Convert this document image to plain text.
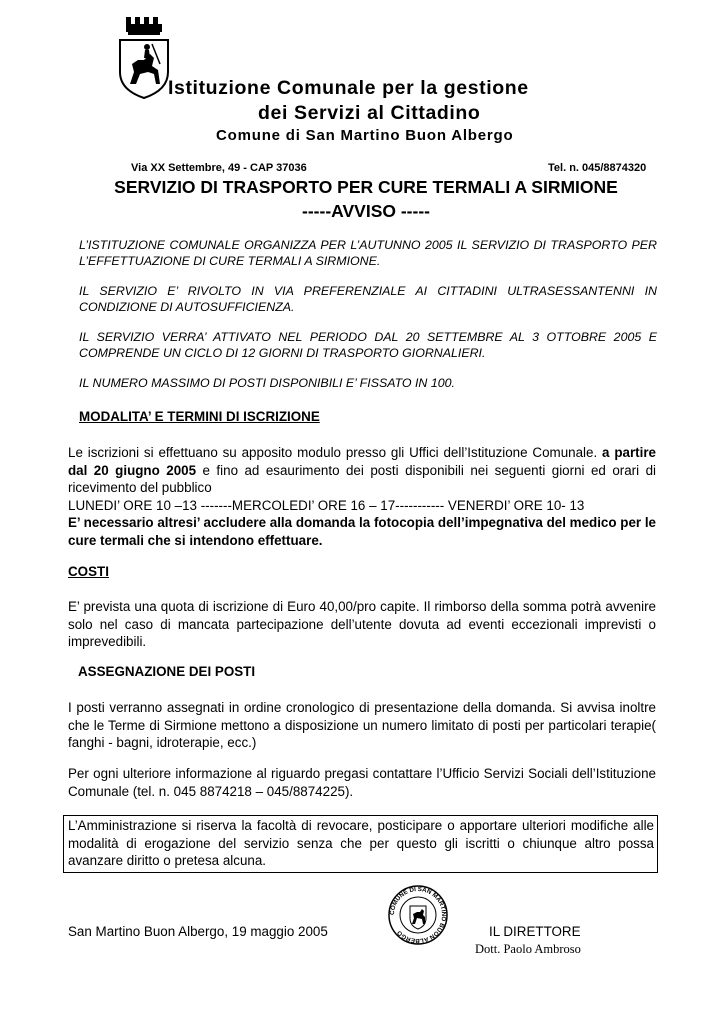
Istituzione Comunale per la gestione
dei Servizi al Cittadino
Comune di San Martino Buon Albergo
Via XX Settembre, 49 - CAP 37036	Tel. n. 045/8874320
SERVIZIO DI TRASPORTO PER CURE TERMALI A SIRMIONE
-----AVVISO -----

L’ISTITUZIONE COMUNALE ORGANIZZA PER L’AUTUNNO 2005 IL SERVIZIO DI TRASPORTO PER L’EFFETTUAZIONE DI CURE TERMALI A SIRMIONE.

IL SERVIZIO E’ RIVOLTO IN VIA PREFERENZIALE AI CITTADINI ULTRASESSANTENNI IN CONDIZIONE DI AUTOSUFFICIENZA.

IL SERVIZIO VERRA’ ATTIVATO NEL PERIODO DAL 20 SETTEMBRE AL 3 OTTOBRE 2005 E COMPRENDE UN CICLO DI 12 GIORNI DI TRASPORTO GIORNALIERI.

IL NUMERO MASSIMO DI POSTI DISPONIBILI E’ FISSATO IN 100.

MODALITA’ E TERMINI DI ISCRIZIONE

Le iscrizioni si effettuano su apposito modulo presso gli Uffici dell’Istituzione Comunale. a partire dal 20 giugno 2005 e fino ad esaurimento dei posti disponibili nei seguenti giorni ed orari di ricevimento del pubblico

LUNEDI’ ORE 10 –13 -------MERCOLEDI’ ORE 16 – 17----------- VENERDI’ ORE 10- 13

E’ necessario altresi’ accludere alla domanda la fotocopia dell’impegnativa del medico per le cure termali che si intendono effettuare.

COSTI
E’ prevista una quota di iscrizione di Euro 40,00/pro capite. Il rimborso della somma potrà avvenire solo nel caso di mancata partecipazione dell’utente dovuta ad eventi eccezionali imprevisti o imprevedibili.
ASSEGNAZIONE DEI POSTI
I posti verranno assegnati in ordine cronologico di presentazione della domanda. Si avvisa inoltre che le Terme di Sirmione mettono a disposizione un numero limitato di posti per particolari terapie( fanghi - bagni, idroterapie, ecc.)
Per ogni ulteriore informazione al riguardo pregasi contattare l’Ufficio Servizi Sociali dell’Istituzione Comunale (tel. n. 045 8874218 – 045/8874225).
L’Amministrazione si riserva la facoltà di revocare, posticipare o apportare ulteriori modifiche alle modalità di erogazione del servizio senza che per questo gli iscritti o chiunque altro possa avanzare diritto o pretesa alcuna.
San Martino Buon Albergo, 19 maggio 2005
COMUNE DI SAN MARTINO BUON ALBERGO	IL DIRETTORE
Dott. Paolo Ambroso
